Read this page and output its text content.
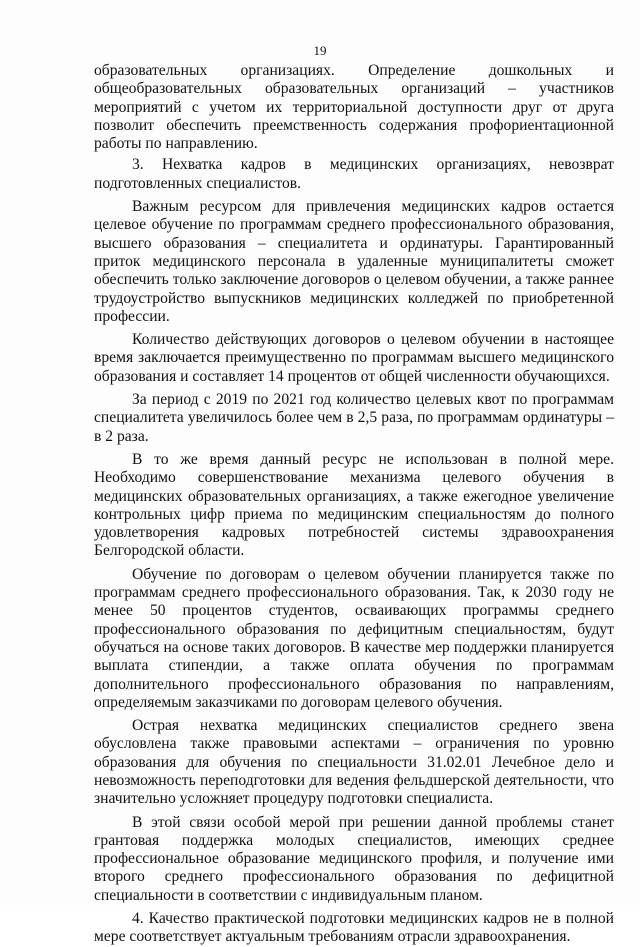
19

образовательных организациях. Определение дошкольных и общеобразовательных образовательных организаций – участников мероприятий с учетом их территориальной доступности друг от друга позволит обеспечить преемственность содержания профориентационной работы по направлению.

3. Нехватка кадров в медицинских организациях, невозврат подготовленных специалистов.

Важным ресурсом для привлечения медицинских кадров остается целевое обучение по программам среднего профессионального образования, высшего образования – специалитета и ординатуры. Гарантированный приток медицинского персонала в удаленные муниципалитеты сможет обеспечить только заключение договоров о целевом обучении, а также раннее трудоустройство выпускников медицинских колледжей по приобретенной профессии.

Количество действующих договоров о целевом обучении в настоящее время заключается преимущественно по программам высшего медицинского образования и составляет 14 процентов от общей численности обучающихся.

За период с 2019 по 2021 год количество целевых квот по программам специалитета увеличилось более чем в 2,5 раза, по программам ординатуры – в 2 раза.

В то же время данный ресурс не использован в полной мере. Необходимо совершенствование механизма целевого обучения в медицинских образовательных организациях, а также ежегодное увеличение контрольных цифр приема по медицинским специальностям до полного удовлетворения кадровых потребностей системы здравоохранения Белгородской области.

Обучение по договорам о целевом обучении планируется также по программам среднего профессионального образования. Так, к 2030 году не менее 50 процентов студентов, осваивающих программы среднего профессионального образования по дефицитным специальностям, будут обучаться на основе таких договоров. В качестве мер поддержки планируется выплата стипендии, а также оплата обучения по программам дополнительного профессионального образования по направлениям, определяемым заказчиками по договорам целевого обучения.

Острая нехватка медицинских специалистов среднего звена обусловлена также правовыми аспектами – ограничения по уровню образования для обучения по специальности 31.02.01 Лечебное дело и невозможность переподготовки для ведения фельдшерской деятельности, что значительно усложняет процедуру подготовки специалиста.

В этой связи особой мерой при решении данной проблемы станет грантовая поддержка молодых специалистов, имеющих среднее профессиональное образование медицинского профиля, и получение ими второго среднего профессионального образования по дефицитной специальности в соответствии с индивидуальным планом.

4. Качество практической подготовки медицинских кадров не в полной мере соответствует актуальным требованиям отрасли здравоохранения.
